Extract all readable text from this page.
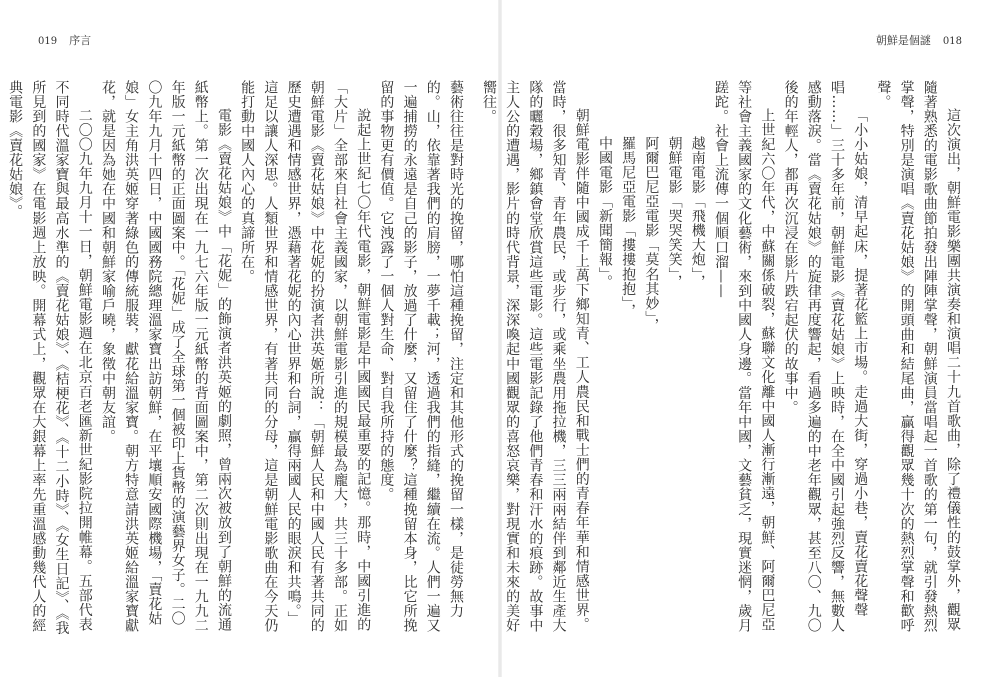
019 序言

藝術往往是對時光的挽留，哪怕這種挽留，注定和其他形式的挽留一樣，是徒勞無力的。山，依靠著我們的肩膀，一夢千載；河，透過我們的指縫，繼續在流。人們一遍又一遍捕撈的永遠是自己的影子，放過了什麼，又留住了什麼？這種挽留本身，比它所挽留的事物更有價值。它洩露了一個人對生命、對自我所持的態度。

說起上世紀七〇年代電影，朝鮮電影是中國國民最重要的記憶。那時，中國引進的「大片」全部來自社會主義國家，以朝鮮電影引進的規模最為龐大，共三十多部。正如朝鮮電影《賣花姑娘》中花妮的扮演者洪英姬所說：「朝鮮人民和中國人民有著共同的歷史遭遇和情感世界，憑藉著花妮的內心世界和台詞，贏得兩國人民的眼淚和共鳴。」這足以讓人深思。人類世界和情感世界，有著共同的分母，這是朝鮮電影歌曲在今天仍能打動中國人內心的真諦所在。

電影《賣花姑娘》中「花妮」的飾演者洪英姬的劇照，曾兩次被放到了朝鮮的流通紙幣上。第一次出現在一九七六年版一元紙幣的背面圖案中，第二次則出現在一九九二年版一元紙幣的正面圖案中。「花妮」成了全球第一個被印上貨幣的演藝界女子。二〇〇九年九月十四日，中國國務院總理溫家寶出訪朝鮮，在平壤順安國際機場，「賣花姑娘」女主角洪英姬穿著綠色的傳統服裝，獻花給溫家寶。朝方特意請洪英姬給溫家寶獻花，就是因為她在中國和朝鮮家喻戶曉，象徵中朝友誼。

二〇〇九年九月十一日，朝鮮電影週在北京百老匯新世紀影院拉開帷幕。五部代表不同時代溫家寶與最高水準的《賣花姑娘》、《桔梗花》、《十二小時》、《女生日記》、《我所見到的國家》在電影週上放映。開幕式上，觀眾在大銀幕上率先重溫感動幾代人的經典電影《賣花姑娘》。

朝鮮是個謎 018

這次演出，朝鮮電影樂團共演奏和演唱二十九首歌曲，除了禮儀性的鼓掌外，觀眾隨著熟悉的電影歌曲節拍發出陣陣掌聲，朝鮮演員當唱起一首歌的第一句，就引發熱烈掌聲，特別是演唱《賣花姑娘》的開頭曲和結尾曲，贏得觀眾幾十次的熱烈掌聲和歡呼聲。

「小小姑娘，清早起床，提著花籃上市場。走過大街，穿過小巷，賣花賣花聲聲唱……」三十多年前，朝鮮電影《賣花姑娘》上映時，在全中國引起強烈反響，無數人感動落淚。當《賣花姑娘》的旋律再度響起，看過多遍的中老年觀眾，甚至八〇、九〇後的年輕人，都再次沉浸在影片跌宕起伏的故事中。

上世紀六〇年代，中蘇關係破裂，蘇聯文化離中國人漸行漸遠，朝鮮、阿爾巴尼亞等社會主義國家的文化藝術，來到中國人身邊。當年中國，文藝貧乏，現實迷惘，歲月蹉跎。社會上流傳一個順口溜——

越南電影「飛機大炮」，

朝鮮電影「哭哭笑笑」，

阿爾巴尼亞電影「莫名其妙」，

羅馬尼亞電影「摟摟抱抱」，

中國電影「新聞簡報」。

朝鮮電影伴隨中國成千上萬下鄉知青、工人農民和戰士們的青春年華和情感世界。當時，很多知青、青年農民，或步行，或乘坐農用拖拉機，三三兩兩結伴到鄰近生產大隊的曬穀場，鄉鎮會堂欣賞這些電影。這些電影記錄了他們青春和汗水的痕跡。故事中主人公的遭遇，影片的時代背景，深深喚起中國觀眾的喜怒哀樂，對現實和未來的美好嚮往。
